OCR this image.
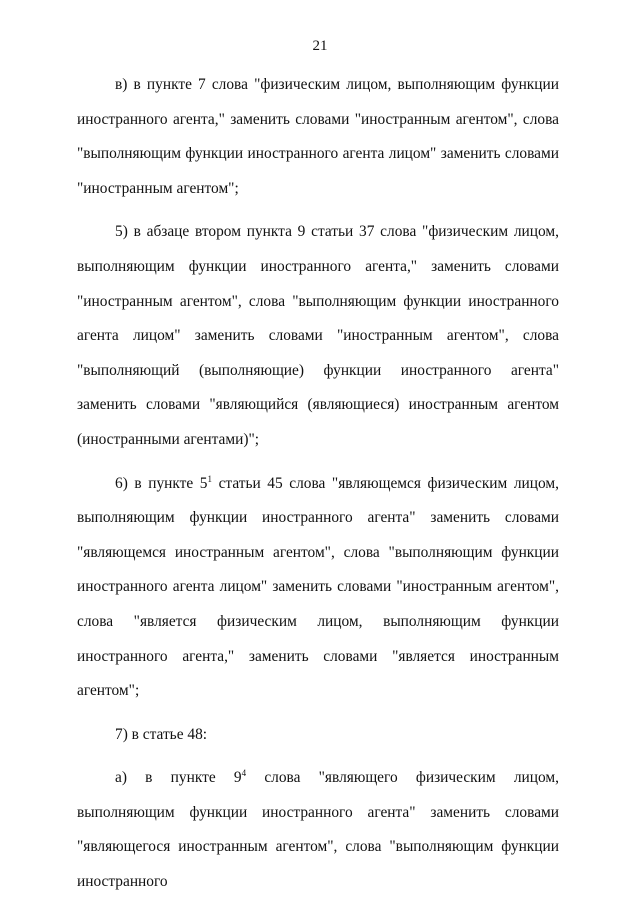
21

в) в пункте 7 слова "физическим лицом, выполняющим функции иностранного агента," заменить словами "иностранным агентом", слова "выполняющим функции иностранного агента лицом" заменить словами "иностранным агентом";

5) в абзаце втором пункта 9 статьи 37 слова "физическим лицом, выполняющим функции иностранного агента," заменить словами "иностранным агентом", слова "выполняющим функции иностранного агента лицом" заменить словами "иностранным агентом", слова "выполняющий (выполняющие) функции иностранного агента" заменить словами "являющийся (являющиеся) иностранным агентом (иностранными агентами)";

6) в пункте $5^1$ статьи 45 слова "являющемся физическим лицом, выполняющим функции иностранного агента" заменить словами "являющемся иностранным агентом", слова "выполняющим функции иностранного агента лицом" заменить словами "иностранным агентом", слова "является физическим лицом, выполняющим функции иностранного агента," заменить словами "является иностранным агентом";

7) в статье 48:

а) в пункте $9^4$ слова "являющего физическим лицом, выполняющим функции иностранного агента" заменить словами "являющегося иностранным агентом", слова "выполняющим функции иностранного
